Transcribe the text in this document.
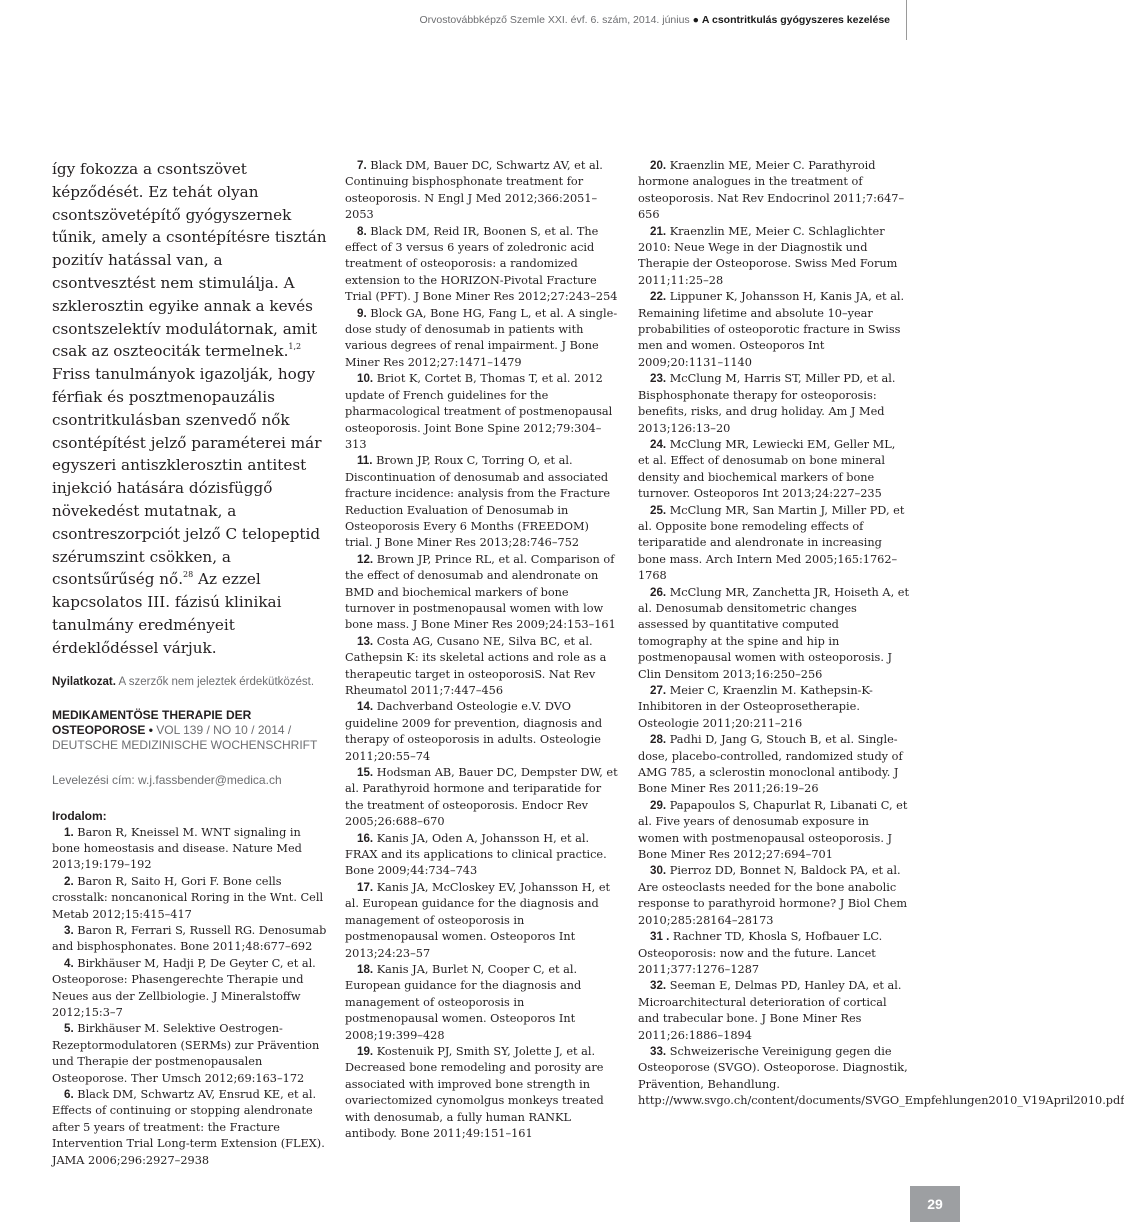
Orvostovábbképző Szemle XXI. évf. 6. szám, 2014. június ● A csontritkulás gyógyszeres kezelése
így fokozza a csontszövet képződését. Ez tehát olyan csontszövetépítő gyógyszernek tűnik, amely a csontépítésre tisztán pozitív hatással van, a csontvesztést nem stimulálja. A szklerosztin egyike annak a kevés csontszelektív modulátornak, amit csak az oszteociták termelnek.$^{1,2}$ Friss tanulmányok igazolják, hogy férfiak és posztmenopauzális csontritkulásban szenvedő nők csontépítést jelző paraméterei már egyszeri antiszklerosztin antitest injekció hatására dózisfüggő növekedést mutatnak, a csontreszorpciót jelző C telopeptid szérumszint csökken, a csontsűrűség nő.$^{28}$ Az ezzel kapcsolatos III. fázisú klinikai tanulmány eredményeit érdeklődéssel várjuk.
Nyilatkozat. A szerzők nem jeleztek érdekütközést.
MEDIKAMENTÖSE THERAPIE DER OSTEOPOROSE • VOL 139 / NO 10 / 2014 / DEUTSCHE MEDIZINISCHE WOCHENSCHRIFT
Levelezési cím: w.j.fassbender@medica.ch
Irodalom:

1. Baron R, Kneissel M. WNT signaling in bone homeostasis and disease. Nature Med 2013;19:179–192

2. Baron R, Saito H, Gori F. Bone cells crosstalk: noncanonical Roring in the Wnt. Cell Metab 2012;15:415–417

3. Baron R, Ferrari S, Russell RG. Denosumab and bisphosphonates. Bone 2011;48:677–692

4. Birkhäuser M, Hadji P, De Geyter C, et al. Osteoporose: Phasengerechte Therapie und Neues aus der Zellbiologie. J Mineralstoffw 2012;15:3–7

5. Birkhäuser M. Selektive Oestrogen-Rezeptormodulatoren (SERMs) zur Prävention und Therapie der postmenopausalen Osteoporose. Ther Umsch 2012;69:163–172

6. Black DM, Schwartz AV, Ensrud KE, et al. Effects of continuing or stopping alendronate after 5 years of treatment: the Fracture Intervention Trial Long-term Extension (FLEX). JAMA 2006;296:2927–2938

7. Black DM, Bauer DC, Schwartz AV, et al. Continuing bisphosphonate treatment for osteoporosis. N Engl J Med 2012;366:2051–2053

8. Black DM, Reid IR, Boonen S, et al. The effect of 3 versus 6 years of zoledronic acid treatment of osteoporosis: a randomized extension to the HORIZON-Pivotal Fracture Trial (PFT). J Bone Miner Res 2012;27:243–254

9. Block GA, Bone HG, Fang L, et al. A single-dose study of denosumab in patients with various degrees of renal impairment. J Bone Miner Res 2012;27:1471–1479

10. Briot K, Cortet B, Thomas T, et al. 2012 update of French guidelines for the pharmacological treatment of postmenopausal osteoporosis. Joint Bone Spine 2012;79:304–313

11. Brown JP, Roux C, Torring O, et al. Discontinuation of denosumab and associated fracture incidence: analysis from the Fracture Reduction Evaluation of Denosumab in Osteoporosis Every 6 Months (FREEDOM) trial. J Bone Miner Res 2013;28:746–752

12. Brown JP, Prince RL, et al. Comparison of the effect of denosumab and alendronate on BMD and biochemical markers of bone turnover in postmenopausal women with low bone mass. J Bone Miner Res 2009;24:153–161

13. Costa AG, Cusano NE, Silva BC, et al. Cathepsin K: its skeletal actions and role as a therapeutic target in osteoporosiS. Nat Rev Rheumatol 2011;7:447–456

14. Dachverband Osteologie e.V. DVO guideline 2009 for prevention, diagnosis and therapy of osteoporosis in adults. Osteologie 2011;20:55–74

15. Hodsman AB, Bauer DC, Dempster DW, et al. Parathyroid hormone and teriparatide for the treatment of osteoporosis. Endocr Rev 2005;26:688–670

16. Kanis JA, Oden A, Johansson H, et al. FRAX and its applications to clinical practice. Bone 2009;44:734–743

17. Kanis JA, McCloskey EV, Johansson H, et al. European guidance for the diagnosis and management of osteoporosis in postmenopausal women. Osteoporos Int 2013;24:23–57

18. Kanis JA, Burlet N, Cooper C, et al. European guidance for the diagnosis and management of osteoporosis in postmenopausal women. Osteoporos Int 2008;19:399–428

19. Kostenuik PJ, Smith SY, Jolette J, et al. Decreased bone remodeling and porosity are associated with improved bone strength in ovariectomized cynomolgus monkeys treated with denosumab, a fully human RANKL antibody. Bone 2011;49:151–161

20. Kraenzlin ME, Meier C. Parathyroid hormone analogues in the treatment of osteoporosis. Nat Rev Endocrinol 2011;7:647–656

21. Kraenzlin ME, Meier C. Schlaglichter 2010: Neue Wege in der Diagnostik und Therapie der Osteoporose. Swiss Med Forum 2011;11:25–28

22. Lippuner K, Johansson H, Kanis JA, et al. Remaining lifetime and absolute 10–year probabilities of osteoporotic fracture in Swiss men and women. Osteoporos Int 2009;20:1131–1140

23. McClung M, Harris ST, Miller PD, et al. Bisphosphonate therapy for osteoporosis: benefits, risks, and drug holiday. Am J Med 2013;126:13–20

24. McClung MR, Lewiecki EM, Geller ML, et al. Effect of denosumab on bone mineral density and biochemical markers of bone turnover. Osteoporos Int 2013;24:227–235

25. McClung MR, San Martin J, Miller PD, et al. Opposite bone remodeling effects of teriparatide and alendronate in increasing bone mass. Arch Intern Med 2005;165:1762–1768

26. McClung MR, Zanchetta JR, Hoiseth A, et al. Denosumab densitometric changes assessed by quantitative computed tomography at the spine and hip in postmenopausal women with osteoporosis. J Clin Densitom 2013;16:250–256

27. Meier C, Kraenzlin M. Kathepsin-K-Inhibitoren in der Osteoprosetherapie. Osteologie 2011;20:211–216

28. Padhi D, Jang G, Stouch B, et al. Single-dose, placebo-controlled, randomized study of AMG 785, a sclerostin monoclonal antibody. J Bone Miner Res 2011;26:19–26

29. Papapoulos S, Chapurlat R, Libanati C, et al. Five years of denosumab exposure in women with postmenopausal osteoporosis. J Bone Miner Res 2012;27:694–701

30. Pierroz DD, Bonnet N, Baldock PA, et al. Are osteoclasts needed for the bone anabolic response to parathyroid hormone? J Biol Chem 2010;285:28164–28173

31 . Rachner TD, Khosla S, Hofbauer LC. Osteoporosis: now and the future. Lancet 2011;377:1276–1287

32. Seeman E, Delmas PD, Hanley DA, et al. Microarchitectural deterioration of cortical and trabecular bone. J Bone Miner Res 2011;26:1886–1894

33. Schweizerische Vereinigung gegen die Osteoporose (SVGO). Osteoporose. Diagnostik, Prävention, Behandlung. http://www.svgo.ch/content/documents/SVGO_Empfehlungen2010_V19April2010.pdf

29
